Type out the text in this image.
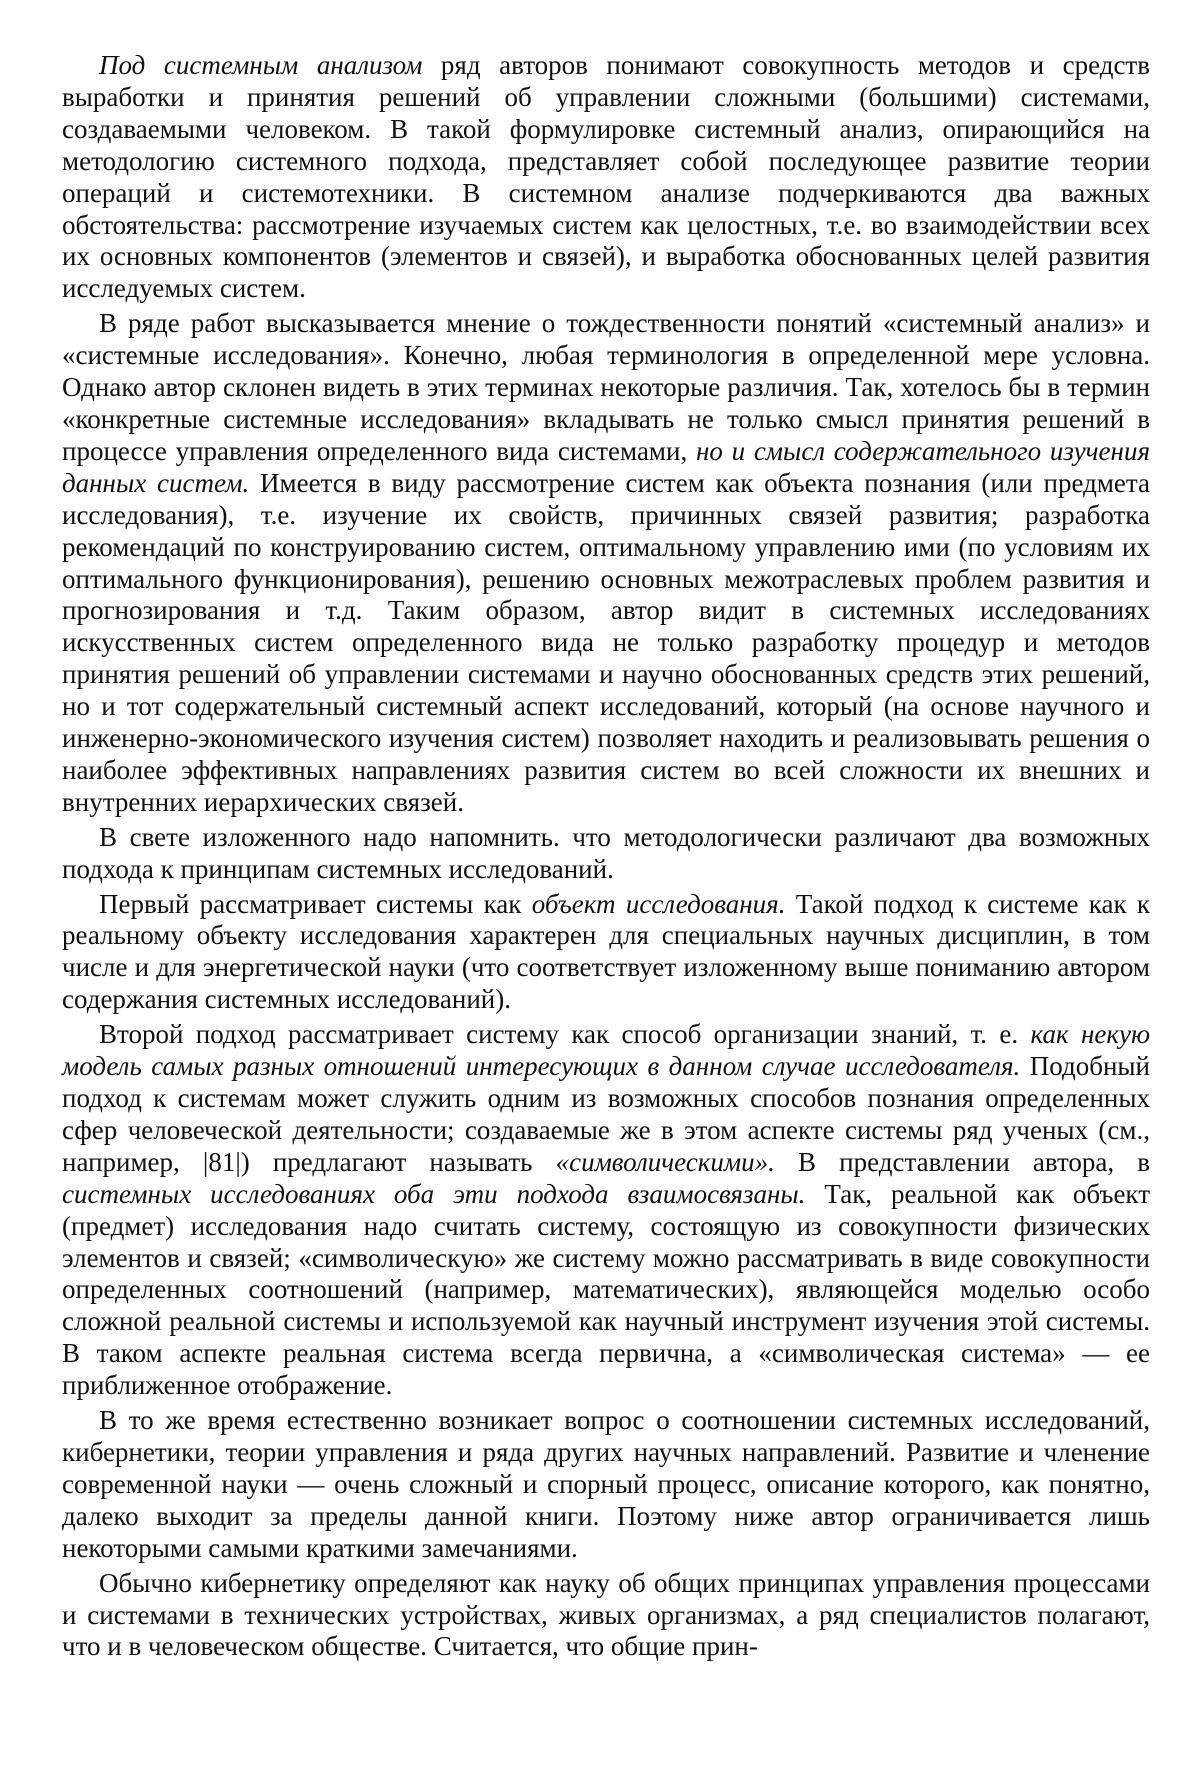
Под системным анализом ряд авторов понимают совокупность методов и средств выработки и принятия решений об управлении сложными (большими) системами, создаваемыми человеком. В такой формулировке системный анализ, опирающийся на методологию системного подхода, представляет собой последующее развитие теории операций и системотехники. В системном анализе подчеркиваются два важных обстоятельства: рассмотрение изучаемых систем как целостных, т.е. во взаимодействии всех их основных компонентов (элементов и связей), и выработка обоснованных целей развития исследуемых систем.

В ряде работ высказывается мнение о тождественности понятий «системный анализ» и «системные исследования». Конечно, любая терминология в определенной мере условна. Однако автор склонен видеть в этих терминах некоторые различия. Так, хотелось бы в термин «конкретные системные исследования» вкладывать не только смысл принятия решений в процессе управления определенного вида системами, но и смысл содержательного изучения данных систем. Имеется в виду рассмотрение систем как объекта познания (или предмета исследования), т.е. изучение их свойств, причинных связей развития; разработка рекомендаций по конструированию систем, оптимальному управлению ими (по условиям их оптимального функционирования), решению основных межотраслевых проблем развития и прогнозирования и т.д. Таким образом, автор видит в системных исследованиях искусственных систем определенного вида не только разработку процедур и методов принятия решений об управлении системами и научно обоснованных средств этих решений, но и тот содержательный системный аспект исследований, который (на основе научного и инженерно-экономического изучения систем) позволяет находить и реализовывать решения о наиболее эффективных направлениях развития систем во всей сложности их внешних и внутренних иерархических связей.

В свете изложенного надо напомнить. что методологически различают два возможных подхода к принципам системных исследований.

Первый рассматривает системы как объект исследования. Такой подход к системе как к реальному объекту исследования характерен для специальных научных дисциплин, в том числе и для энергетической науки (что соответствует изложенному выше пониманию автором содержания системных исследований).

Второй подход рассматривает систему как способ организации знаний, т. е. как некую модель самых разных отношений интересующих в данном случае исследователя. Подобный подход к системам может служить одним из возможных способов познания определенных сфер человеческой деятельности; создаваемые же в этом аспекте системы ряд ученых (см., например, |81|) предлагают называть «символическими». В представлении автора, в системных исследованиях оба эти подхода взаимосвязаны. Так, реальной как объект (предмет) исследования надо считать систему, состоящую из совокупности физических элементов и связей; «символическую» же систему можно рассматривать в виде совокупности определенных соотношений (например, математических), являющейся моделью особо сложной реальной системы и используемой как научный инструмент изучения этой системы. В таком аспекте реальная система всегда первична, а «символическая система» — ее приближенное отображение.

В то же время естественно возникает вопрос о соотношении системных исследований, кибернетики, теории управления и ряда других научных направлений. Развитие и членение современной науки — очень сложный и спорный процесс, описание которого, как понятно, далеко выходит за пределы данной книги. Поэтому ниже автор ограничивается лишь некоторыми самыми краткими замечаниями.

Обычно кибернетику определяют как науку об общих принципах управления процессами и системами в технических устройствах, живых организмах, а ряд специалистов полагают, что и в человеческом обществе. Считается, что общие прин-
